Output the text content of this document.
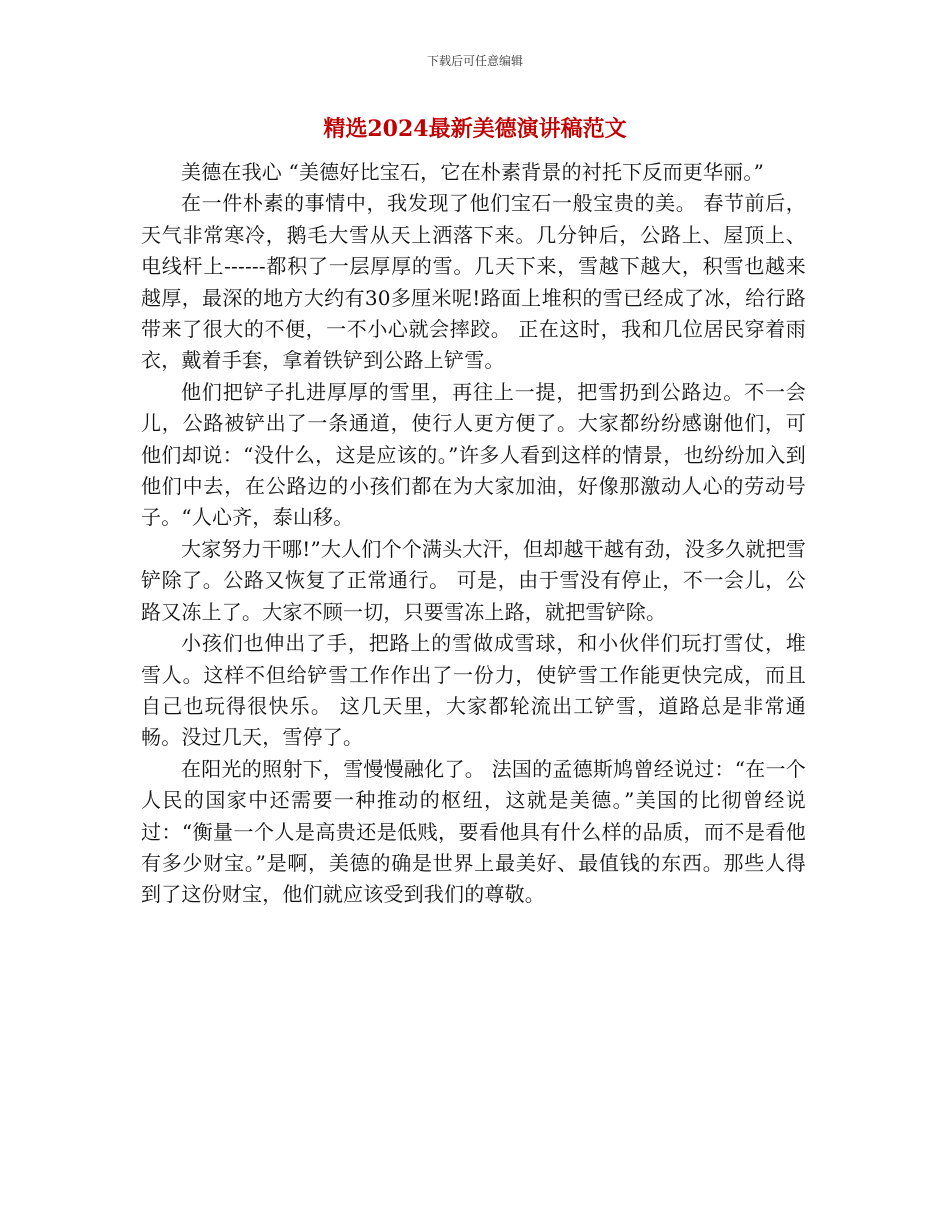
下载后可任意编辑
精选2024最新美德演讲稿范文

美德在我心 “美德好比宝石，它在朴素背景的衬托下反而更华丽。”

在一件朴素的事情中，我发现了他们宝石一般宝贵的美。 春节前后，天气非常寒冷，鹅毛大雪从天上洒落下来。几分钟后，公路上、屋顶上、电线杆上------都积了一层厚厚的雪。几天下来，雪越下越大，积雪也越来越厚，最深的地方大约有30多厘米呢!路面上堆积的雪已经成了冰，给行路带来了很大的不便，一不小心就会摔跤。 正在这时，我和几位居民穿着雨衣，戴着手套，拿着铁铲到公路上铲雪。

他们把铲子扎进厚厚的雪里，再往上一提，把雪扔到公路边。不一会儿，公路被铲出了一条通道，使行人更方便了。大家都纷纷感谢他们，可他们却说：“没什么，这是应该的。”许多人看到这样的情景，也纷纷加入到他们中去，在公路边的小孩们都在为大家加油，好像那激动人心的劳动号子。“人心齐，泰山移。

大家努力干哪!”大人们个个满头大汗，但却越干越有劲，没多久就把雪铲除了。公路又恢复了正常通行。 可是，由于雪没有停止，不一会儿，公路又冻上了。大家不顾一切，只要雪冻上路，就把雪铲除。

小孩们也伸出了手，把路上的雪做成雪球，和小伙伴们玩打雪仗，堆雪人。这样不但给铲雪工作作出了一份力，使铲雪工作能更快完成，而且自己也玩得很快乐。 这几天里，大家都轮流出工铲雪，道路总是非常通畅。没过几天，雪停了。

在阳光的照射下，雪慢慢融化了。 法国的孟德斯鸠曾经说过：“在一个人民的国家中还需要一种推动的枢纽，这就是美德。”美国的比彻曾经说过：“衡量一个人是高贵还是低贱，要看他具有什么样的品质，而不是看他有多少财宝。”是啊，美德的确是世界上最美好、最值钱的东西。那些人得到了这份财宝，他们就应该受到我们的尊敬。
